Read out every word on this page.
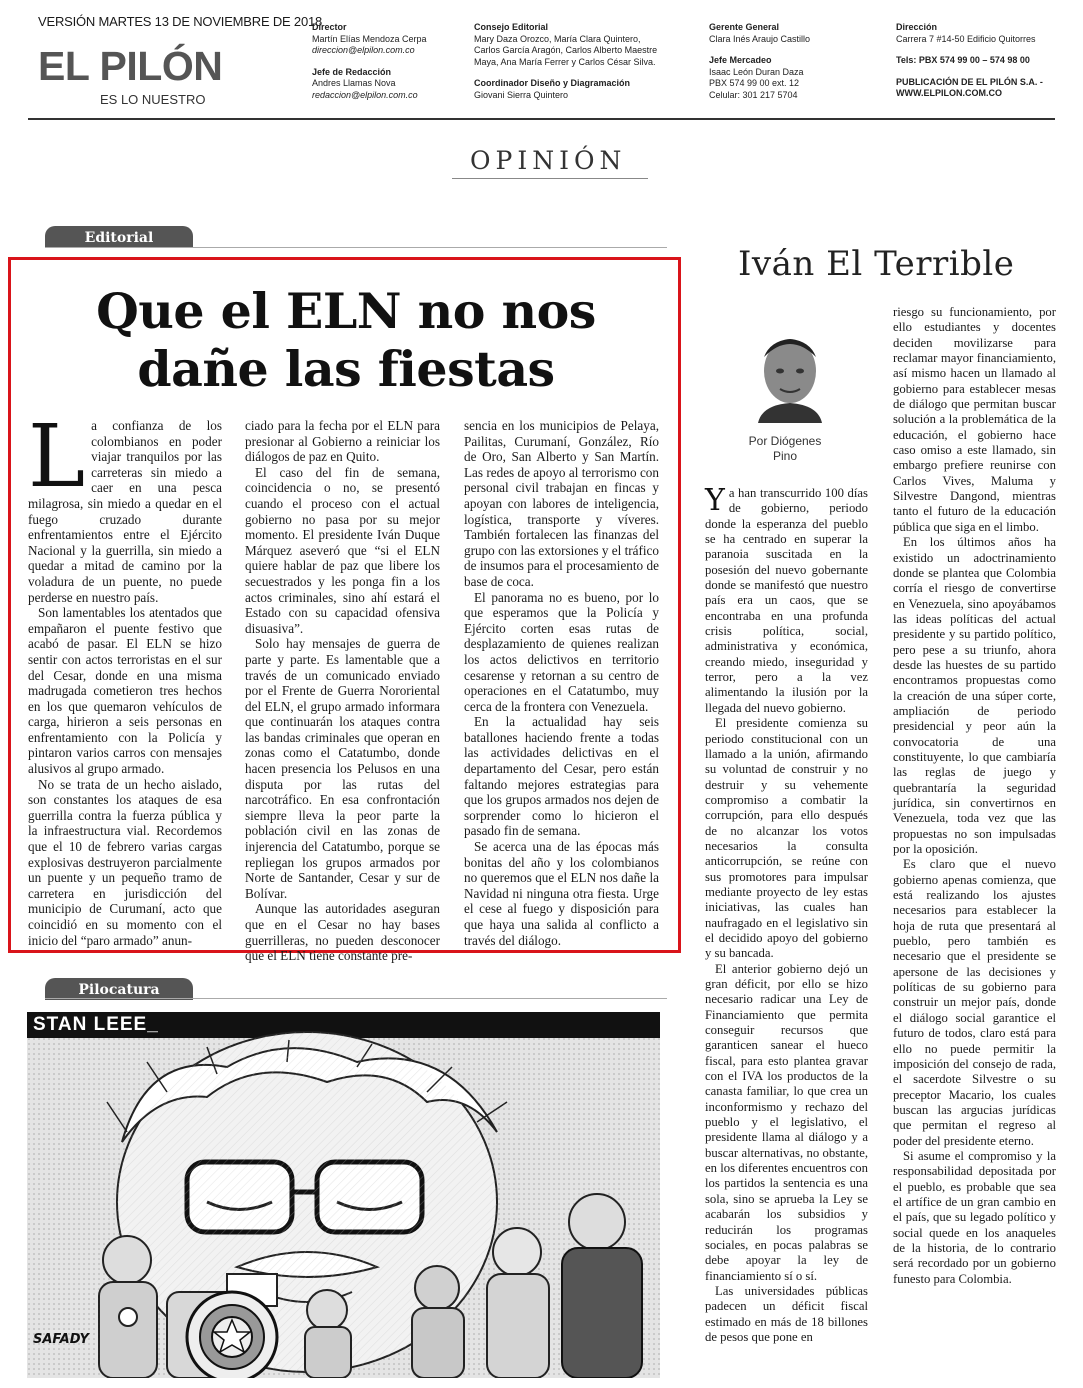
VERSIÓN MARTES 13 DE NOVIEMBRE DE 2018
EL PILÓN
ES LO NUESTRO
Director
Martín Elías Mendoza Cerpa
direccion@elpilon.com.co

Jefe de Redacción
Andres Llamas Nova
redaccion@elpilon.com.co
Consejo Editorial
Mary Daza Orozco, María Clara Quintero,
Carlos García Aragón, Carlos Alberto Maestre
Maya, Ana María Ferrer y Carlos César Silva.

Coordinador Diseño y Diagramación
Giovani Sierra Quintero
Gerente General
Clara Inés Araujo Castillo

Jefe Mercadeo
Isaac León Duran Daza
PBX 574 99 00 ext. 12
Celular: 301 217 5704
Dirección
Carrera 7 #14-50 Edificio Quitorres

Tels: PBX 574 99 00 – 574 98 00

PUBLICACIÓN DE EL PILÓN S.A. -
WWW.ELPILON.COM.CO
OPINIÓN
Editorial
Que el ELN no nos
dañe las fiestas

La confianza de los colombianos en poder viajar tranquilos por las carreteras sin miedo a caer en una pesca milagrosa, sin miedo a quedar en el fuego cruzado durante enfrentamientos entre el Ejército Nacional y la guerrilla, sin miedo a quedar a mitad de camino por la voladura de un puente, no puede perderse en nuestro país.

Son lamentables los atentados que empañaron el puente festivo que acabó de pasar. El ELN se hizo sentir con actos terroristas en el sur del Cesar, donde en una misma madrugada cometieron tres hechos en los que quemaron vehículos de carga, hirieron a seis personas en enfrentamiento con la Policía y pintaron varios carros con mensajes alusivos al grupo armado.

No se trata de un hecho aislado, son constantes los ataques de esa guerrilla contra la fuerza pública y la infraestructura vial. Recordemos que el 10 de febrero varias cargas explosivas destruyeron parcialmente un puente y un pequeño tramo de carretera en jurisdicción del municipio de Curumaní, acto que coincidió en su momento con el inicio del “paro armado” anun-

ciado para la fecha por el ELN para presionar al Gobierno a reiniciar los diálogos de paz en Quito.

El caso del fin de semana, coincidencia o no, se presentó cuando el proceso con el actual gobierno no pasa por su mejor momento. El presidente Iván Duque Márquez aseveró que “si el ELN quiere hablar de paz que libere los secuestrados y les ponga fin a los actos criminales, sino ahí estará el Estado con su capacidad ofensiva disuasiva”.

Solo hay mensajes de guerra de parte y parte. Es lamentable que a través de un comunicado enviado por el Frente de Guerra Nororiental del ELN, el grupo armado informara que continuarán los ataques contra las bandas criminales que operan en zonas como el Catatumbo, donde hacen presencia los Pelusos en una disputa por las rutas del narcotráfico. En esa confrontación siempre lleva la peor parte la población civil en las zonas de injerencia del Catatumbo, porque se repliegan los grupos armados por Norte de Santander, Cesar y sur de Bolívar.

Aunque las autoridades aseguran que en el Cesar no hay bases guerrilleras, no pueden desconocer que el ELN tiene constante pre-

sencia en los municipios de Pelaya, Pailitas, Curumaní, González, Río de Oro, San Alberto y San Martín. Las redes de apoyo al terrorismo con personal civil trabajan en fincas y apoyan con labores de inteligencia, logística, transporte y víveres. También fortalecen las finanzas del grupo con las extorsiones y el tráfico de insumos para el procesamiento de base de coca.

El panorama no es bueno, por lo que esperamos que la Policía y Ejército corten esas rutas de desplazamiento de quienes realizan los actos delictivos en territorio cesarense y retornan a su centro de operaciones en el Catatumbo, muy cerca de la frontera con Venezuela.

En la actualidad hay seis batallones haciendo frente a todas las actividades delictivas en el departamento del Cesar, pero están faltando mejores estrategias para que los grupos armados nos dejen de sorprender como lo hicieron el pasado fin de semana.

Se acerca una de las épocas más bonitas del año y los colombianos no queremos que el ELN nos dañe la Navidad ni ninguna otra fiesta. Urge el cese al fuego y disposición para que haya una salida al conflicto a través del diálogo.

Pilocatura
STAN LEEE_
SAFADY
Iván El Terrible
Por Diógenes
Pino

Ya han transcurrido 100 días de gobierno, periodo donde la esperanza del pueblo se ha centrado en superar la paranoia suscitada en la posesión del nuevo gobernante donde se manifestó que nuestro país era un caos, que se encontraba en una profunda crisis política, social, administrativa y económica, creando miedo, inseguridad y terror, pero a la vez alimentando la ilusión por la llegada del nuevo gobierno.

El presidente comienza su periodo constitucional con un llamado a la unión, afirmando su voluntad de construir y no destruir y su vehemente compromiso a combatir la corrupción, para ello después de no alcanzar los votos necesarios la consulta anticorrupción, se reúne con sus promotores para impulsar mediante proyecto de ley estas iniciativas, las cuales han naufragado en el legislativo sin el decidido apoyo del gobierno y su bancada.

El anterior gobierno dejó un gran déficit, por ello se hizo necesario radicar una Ley de Financiamiento que permita conseguir recursos que garanticen sanear el hueco fiscal, para esto plantea gravar con el IVA los productos de la canasta familiar, lo que crea un inconformismo y rechazo del pueblo y el legislativo, el presidente llama al diálogo y a buscar alternativas, no obstante, en los diferentes encuentros con los partidos la sentencia es una sola, sino se aprueba la Ley se acabarán los subsidios y reducirán los programas sociales, en pocas palabras se debe apoyar la ley de financiamiento sí o sí.

Las universidades públicas padecen un déficit fiscal estimado en más de 18 billones de pesos que pone en

riesgo su funcionamiento, por ello estudiantes y docentes deciden movilizarse para reclamar mayor financiamiento, así mismo hacen un llamado al gobierno para establecer mesas de diálogo que permitan buscar solución a la problemática de la educación, el gobierno hace caso omiso a este llamado, sin embargo prefiere reunirse con Carlos Vives, Maluma y Silvestre Dangond, mientras tanto el futuro de la educación pública que siga en el limbo.

En los últimos años ha existido un adoctrinamiento donde se plantea que Colombia corría el riesgo de convertirse en Venezuela, sino apoyábamos las ideas políticas del actual presidente y su partido político, pero pese a su triunfo, ahora desde las huestes de su partido encontramos propuestas como la creación de una súper corte, ampliación de periodo presidencial y peor aún la convocatoria de una constituyente, lo que cambiaría las reglas de juego y quebrantaría la seguridad jurídica, sin convertirnos en Venezuela, toda vez que las propuestas no son impulsadas por la oposición.

Es claro que el nuevo gobierno apenas comienza, que está realizando los ajustes necesarios para establecer la hoja de ruta que presentará al pueblo, pero también es necesario que el presidente se apersone de las decisiones y políticas de su gobierno para construir un mejor país, donde el diálogo social garantice el futuro de todos, claro está para ello no puede permitir la imposición del consejo de rada, el sacerdote Silvestre o su preceptor Macario, los cuales buscan las argucias jurídicas que permitan el regreso al poder del presidente eterno.

Si asume el compromiso y la responsabilidad depositada por el pueblo, es probable que sea el artífice de un gran cambio en el país, que su legado político y social quede en los anaqueles de la historia, de lo contrario será recordado por un gobierno funesto para Colombia.
